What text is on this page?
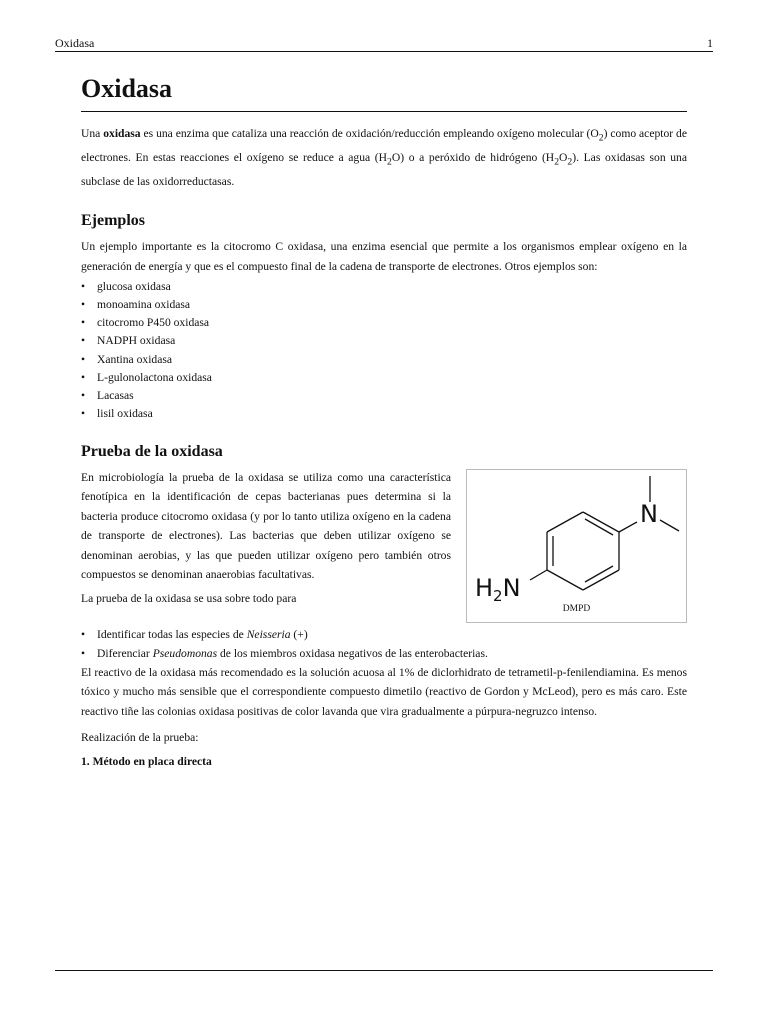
Oxidasa	1
Oxidasa

Una oxidasa es una enzima que cataliza una reacción de oxidación/reducción empleando oxígeno molecular $(O_2)$ como aceptor de electrones. En estas reacciones el oxígeno se reduce a agua $(H_2O)$ o a peróxido de hidrógeno $(H_2O_2)$. Las oxidasas son una subclase de las oxidorreductasas.

Ejemplos

Un ejemplo importante es la citocromo C oxidasa, una enzima esencial que permite a los organismos emplear oxígeno en la generación de energía y que es el compuesto final de la cadena de transporte de electrones. Otros ejemplos son:

• glucosa oxidasa
• monoamina oxidasa
• citocromo P450 oxidasa
• NADPH oxidasa
• Xantina oxidasa
• L-gulonolactona oxidasa
• Lacasas
• lisil oxidasa
Prueba de la oxidasa

En microbiología la prueba de la oxidasa se utiliza como una característica fenotípica en la identificación de cepas bacterianas pues determina si la bacteria produce citocromo oxidasa (y por lo tanto utiliza oxígeno en la cadena de transporte de electrones). Las bacterias que deben utilizar oxígeno se denominan aerobias, y las que pueden utilizar oxígeno pero también otros compuestos se denominan anaerobias facultativas.

La prueba de la oxidasa se usa sobre todo para

N
$H_2N$
DMPD
• Identificar todas las especies de Neisseria (+)
• Diferenciar Pseudomonas de los miembros oxidasa negativos de las enterobacterias.

El reactivo de la oxidasa más recomendado es la solución acuosa al 1% de diclorhidrato de tetrametil-p-fenilendiamina. Es menos tóxico y mucho más sensible que el correspondiente compuesto dimetilo (reactivo de Gordon y McLeod), pero es más caro. Este reactivo tiñe las colonias oxidasa positivas de color lavanda que vira gradualmente a púrpura-negruzco intenso.

Realización de la prueba:

1. Método en placa directa
